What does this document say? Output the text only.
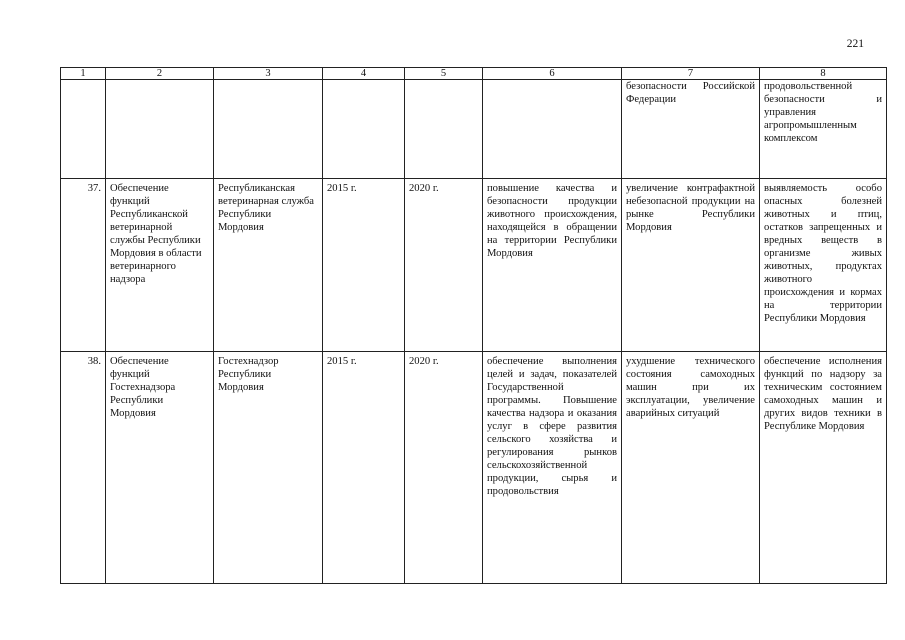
221
1	2	3	4	5	6	7	8
						безопасности Российской Федерации	продовольственной безопасности и управления агропромышленным комплексом
37.	Обеспечение функций Республиканской ветеринарной службы Республики Мордовия в области ветеринарного надзора	Республиканская ветеринарная служба Республики Мордовия	2015 г.	2020 г.	повышение качества и безопасности продукции животного происхождения, находящейся в обращении на территории Республики Мордовия	увеличение контрафактной небезопасной продукции на рынке Республики Мордовия	выявляемость особо опасных болезней животных и птиц, остатков запрещенных и вредных веществ в организме живых животных, продуктах животного происхождения и кормах на территории Республики Мордовия
38.	Обеспечение функций Гостехнадзора Республики Мордовия	Гостехнадзор Республики Мордовия	2015 г.	2020 г.	обеспечение выполнения целей и задач, показателей Государственной программы. Повышение качества надзора и оказания услуг в сфере развития сельского хозяйства и регулирования рынков сельскохозяйственной продукции, сырья и продовольствия	ухудшение технического состояния самоходных машин при их эксплуатации, увеличение аварийных ситуаций	обеспечение исполнения функций по надзору за техническим состоянием самоходных машин и других видов техники в Республике Мордовия
